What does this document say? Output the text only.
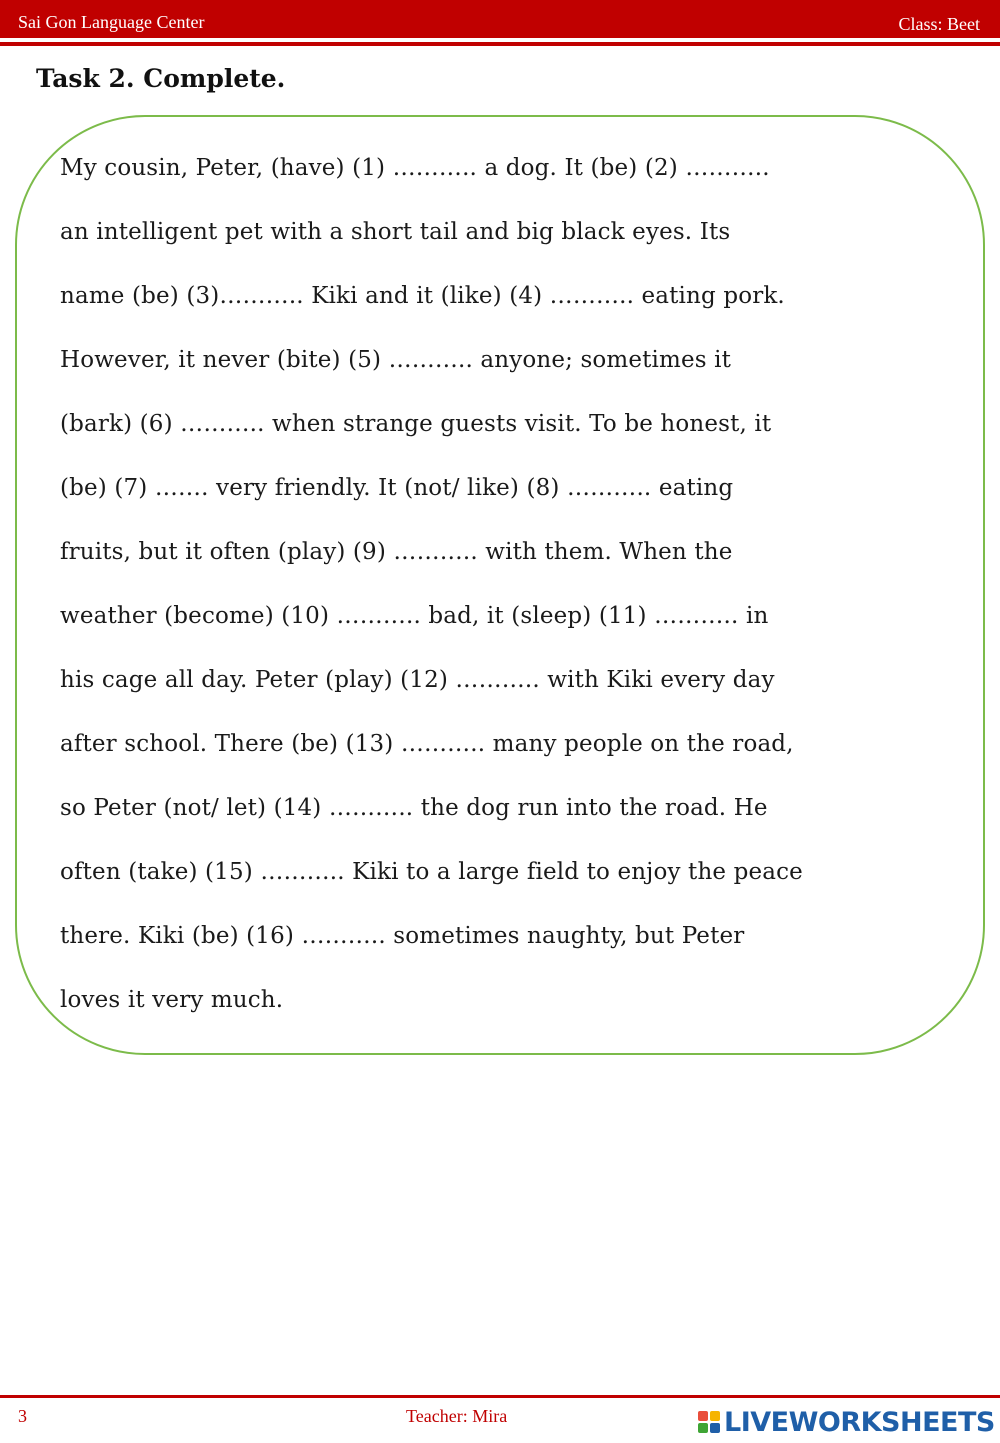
Sai Gon Language Center	Class: Beet
Task 2. Complete.
My cousin, Peter, (have) (1) ……….. a dog. It (be) (2) ………..
an intelligent pet with a short tail and big black eyes. Its
name (be) (3)……….. Kiki and it (like) (4) ……….. eating pork.
However, it never (bite) (5) ……….. anyone; sometimes it
(bark) (6) ……….. when strange guests visit. To be honest, it
(be) (7) ……. very friendly. It (not/ like) (8) ……….. eating
fruits, but it often (play) (9) ……….. with them. When the
weather (become) (10) ……….. bad, it (sleep) (11) ……….. in
his cage all day. Peter (play) (12) ……….. with Kiki every day
after school. There (be) (13) ……….. many people on the road,
so Peter (not/ let) (14) ……….. the dog run into the road. He
often (take) (15) ……….. Kiki to a large field to enjoy the peace
there. Kiki (be) (16) ……….. sometimes naughty, but Peter
loves it very much.
3	Teacher: Mira	LIVEWORKSHEETS
